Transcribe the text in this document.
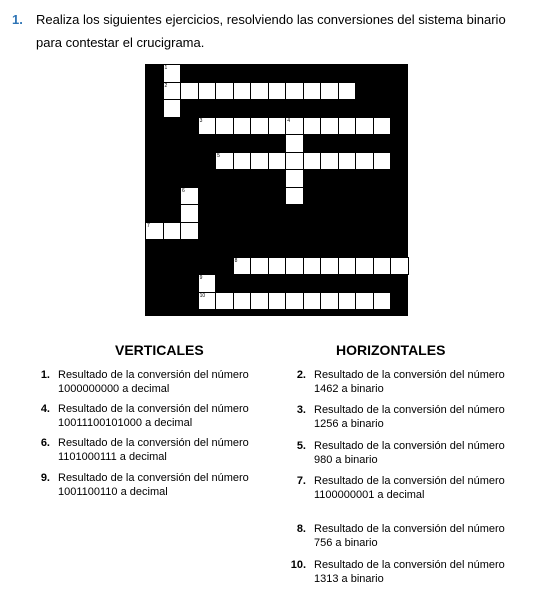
1. Realiza los siguientes ejercicios, resolviendo las conversiones del sistema binario
para contestar el crucigrama.
1
2
3	4
5
6
7
8
9
10
VERTICALES	HORIZONTALES
1. Resultado de la conversión del número
1000000000 a decimal
4. Resultado de la conversión del número
10011100101000 a decimal
6. Resultado de la conversión del número
1101000111 a decimal
9. Resultado de la conversión del número
1001100110 a decimal
2. Resultado de la conversión del número
1462 a binario
3. Resultado de la conversión del número
1256 a binario
5. Resultado de la conversión del número
980 a binario
7. Resultado de la conversión del número
1100000001 a decimal
8. Resultado de la conversión del número
756 a binario
10. Resultado de la conversión del número
1313 a binario
